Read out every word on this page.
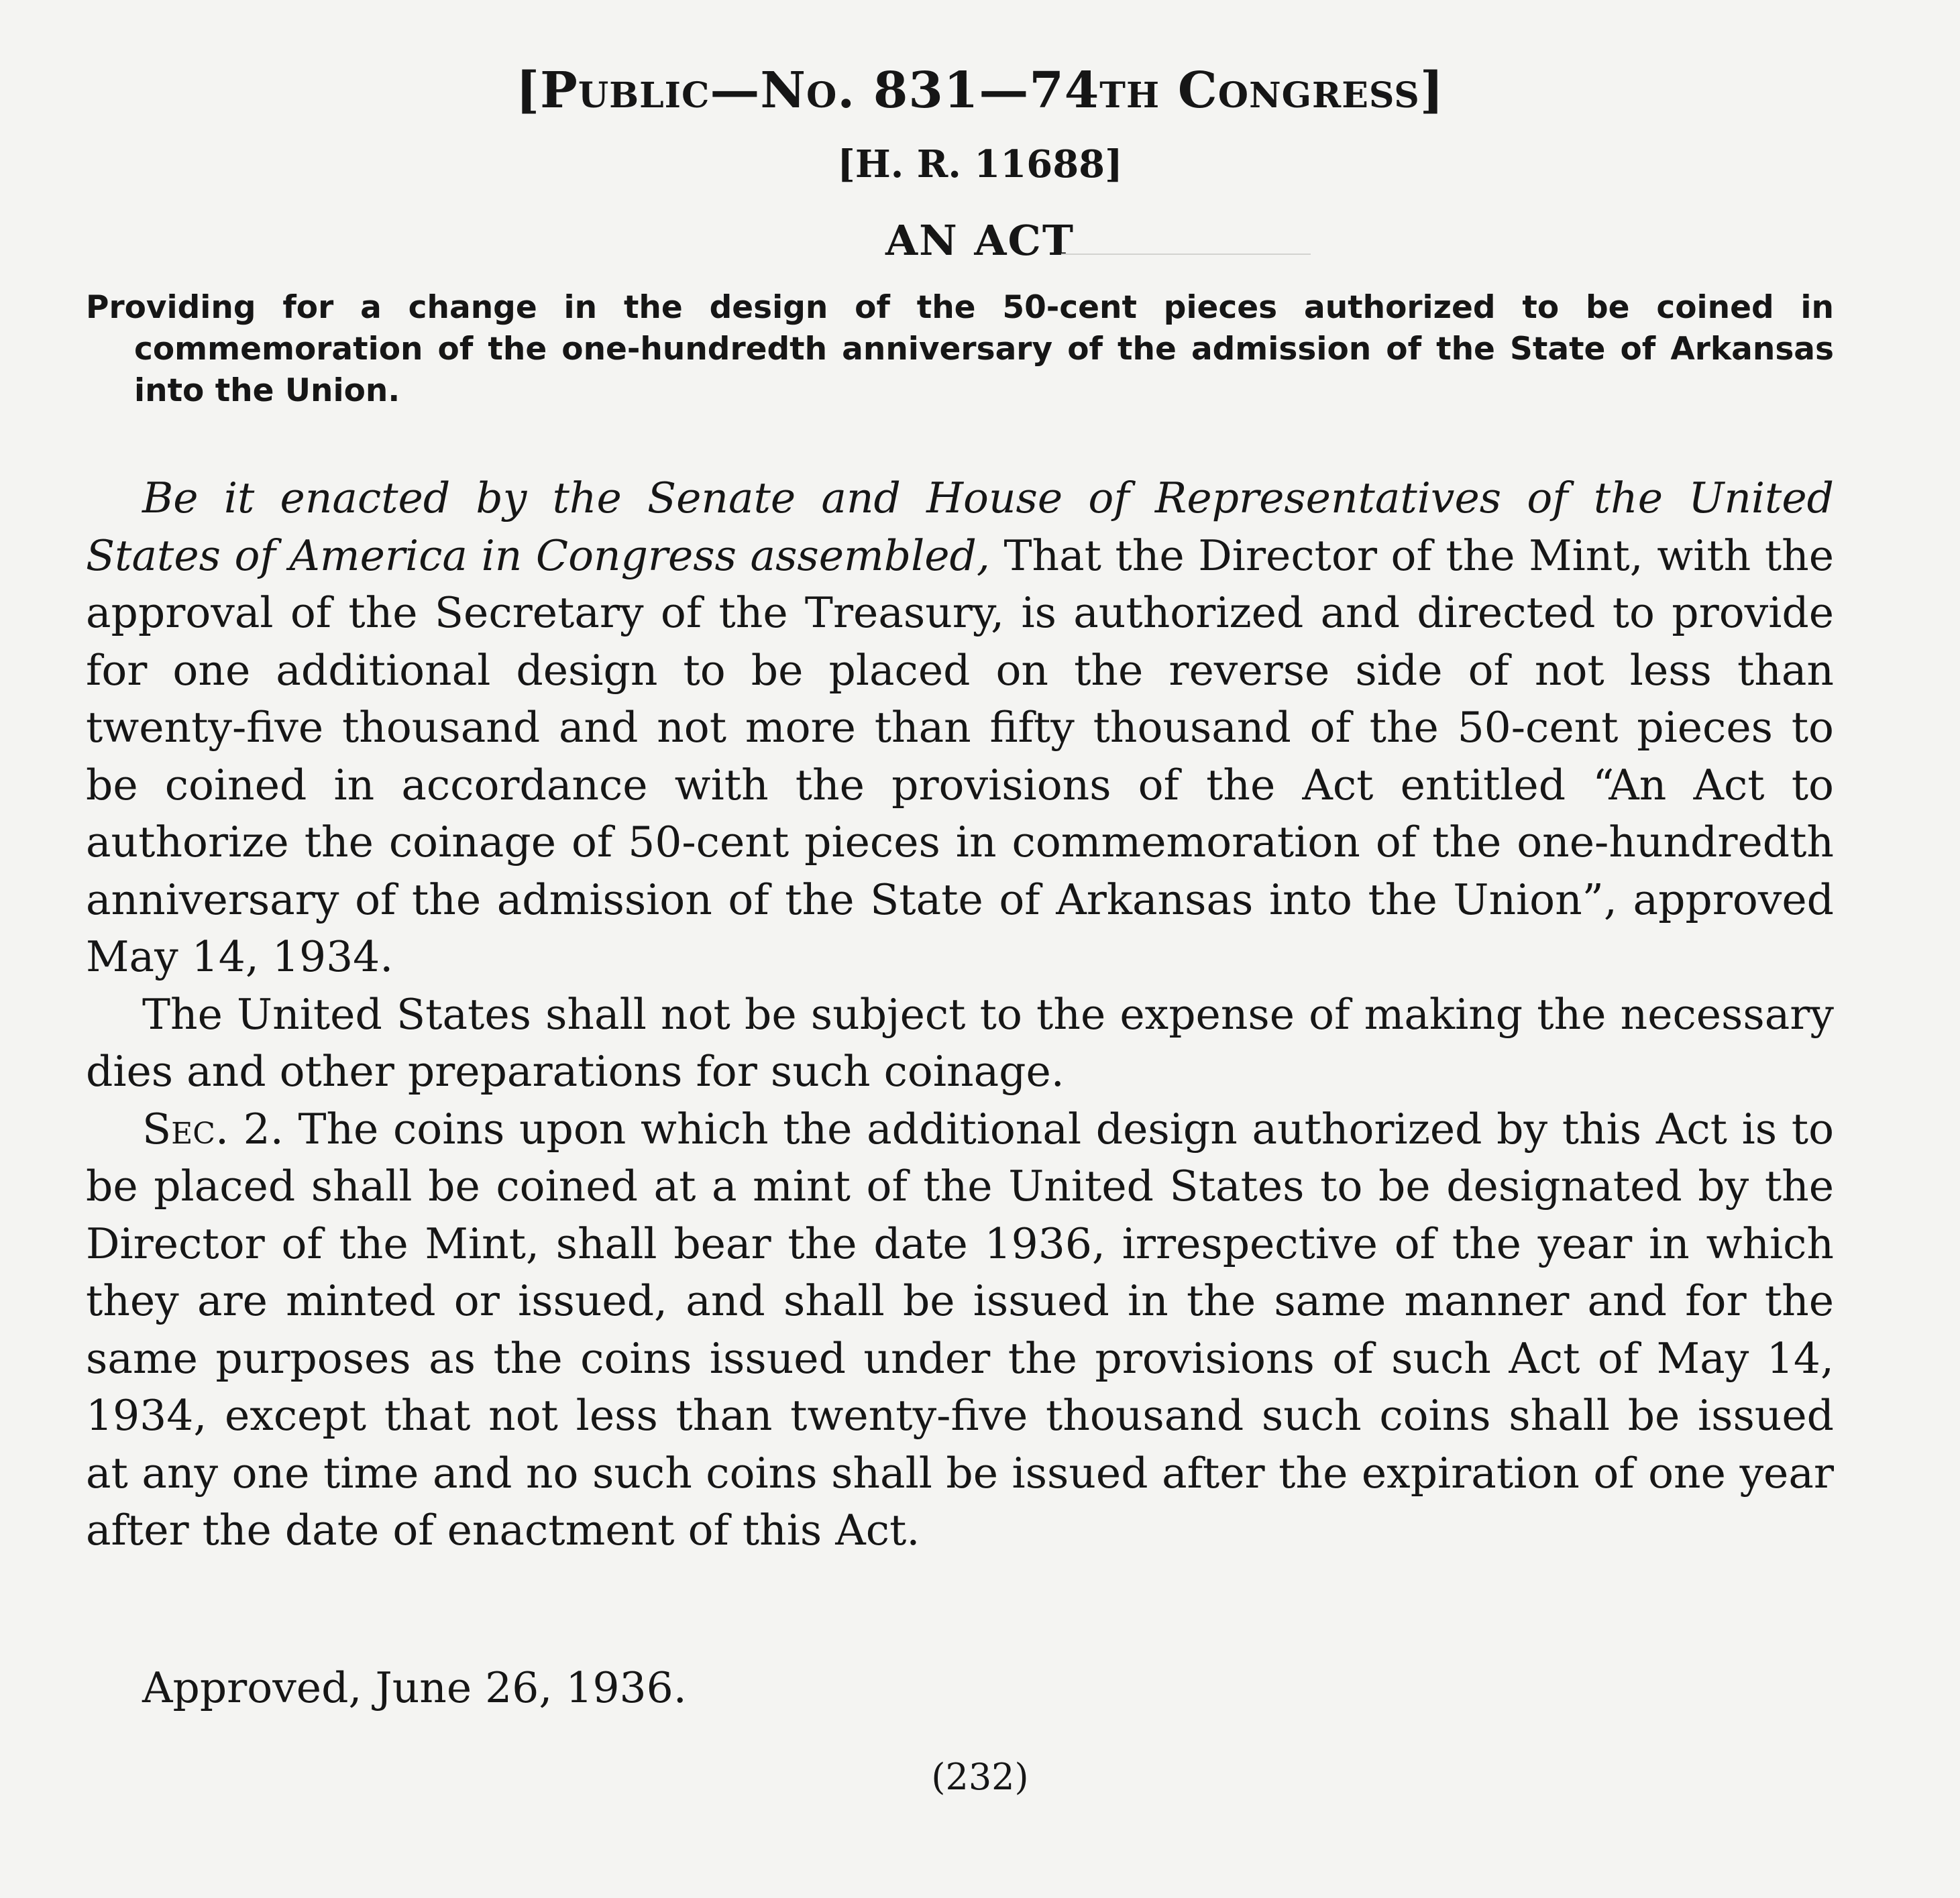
[Public—No. 831—74th Congress]
[H. R. 11688]
AN ACT
Providing for a change in the design of the 50-cent pieces authorized to be coined in commemoration of the one-hundredth anniversary of the admission of the State of Arkansas into the Union.

Be it enacted by the Senate and House of Representatives of the United States of America in Congress assembled, That the Director of the Mint, with the approval of the Secretary of the Treasury, is authorized and directed to provide for one additional design to be placed on the reverse side of not less than twenty-five thousand and not more than fifty thousand of the 50-cent pieces to be coined in accordance with the provisions of the Act entitled “An Act to authorize the coinage of 50-cent pieces in commemoration of the one-hundredth anniversary of the admission of the State of Arkansas into the Union”, approved May 14, 1934.

The United States shall not be subject to the expense of making the necessary dies and other preparations for such coinage.

Sec. 2. The coins upon which the additional design authorized by this Act is to be placed shall be coined at a mint of the United States to be designated by the Director of the Mint, shall bear the date 1936, irrespective of the year in which they are minted or issued, and shall be issued in the same manner and for the same purposes as the coins issued under the provisions of such Act of May 14, 1934, except that not less than twenty-five thousand such coins shall be issued at any one time and no such coins shall be issued after the expiration of one year after the date of enactment of this Act.

Approved, June 26, 1936.
(232)
